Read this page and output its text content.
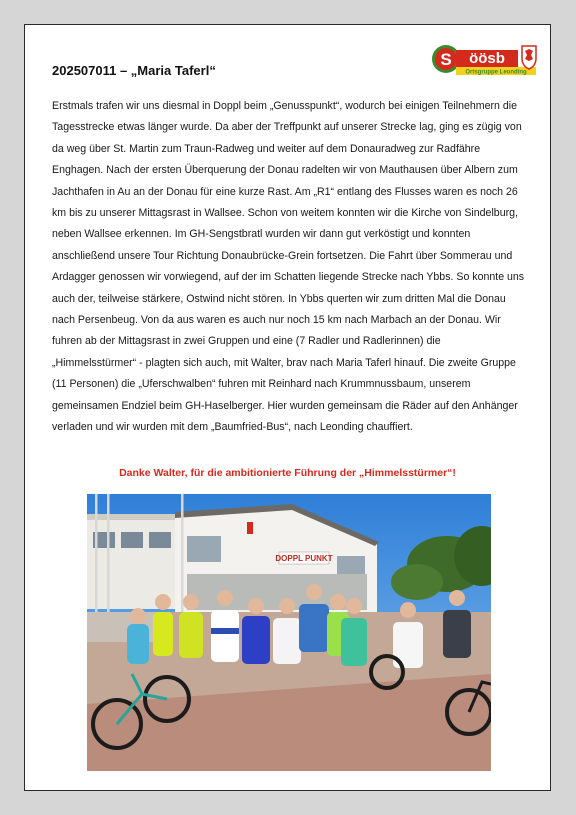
S öösb
Ortsgruppe Leonding
202507011 – „Maria Taferl“

Erstmals trafen wir uns diesmal in Doppl beim „Genusspunkt“, wodurch bei einigen Teilnehmern die Tagesstrecke etwas länger wurde. Da aber der Treffpunkt auf unserer Strecke lag, ging es zügig von da weg über St. Martin zum Traun-Radweg und weiter auf dem Donauradweg zur Radfähre Enghagen. Nach der ersten Überquerung der Donau radelten wir von Mauthausen über Albern zum Jachthafen in Au an der Donau für eine kurze Rast. Am „R1“ entlang des Flusses waren es noch 26 km bis zu unserer Mittagsrast in Wallsee. Schon von weitem konnten wir die Kirche von Sindelburg, neben Wallsee erkennen. Im GH-Sengstbratl wurden wir dann gut verköstigt und konnten anschließend unsere Tour Richtung Donaubrücke-Grein fortsetzen. Die Fahrt über Sommerau und Ardagger genossen wir vorwiegend, auf der im Schatten liegende Strecke nach Ybbs. So konnte uns auch der, teilweise stärkere, Ostwind nicht stören. In Ybbs querten wir zum dritten Mal die Donau nach Persenbeug. Von da aus waren es auch nur noch 15 km nach Marbach an der Donau. Wir fuhren ab der Mittagsrast in zwei Gruppen und eine (7 Radler und Radlerinnen) die „Himmelsstürmer“ - plagten sich auch, mit Walter, brav nach Maria Taferl hinauf. Die zweite Gruppe (11 Personen) die „Uferschwalben“ fuhren mit Reinhard nach Krummnussbaum, unserem gemeinsamen Endziel beim GH-Haselberger. Hier wurden gemeinsam die Räder auf den Anhänger verladen und wir wurden mit dem „Baumfried-Bus“, nach Leonding chauffiert.

Danke Walter, für die ambitionierte Führung der „Himmelsstürmer“!
DOPPL PUNKT
